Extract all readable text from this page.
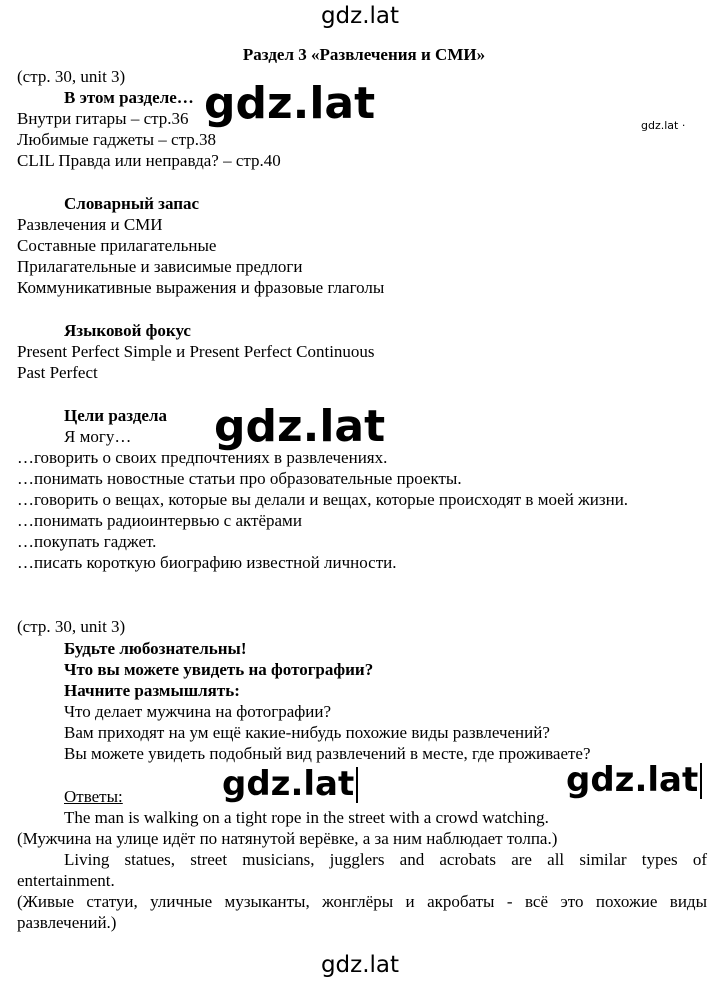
gdz.lat
Раздел 3 «Развлечения и СМИ»
(стр. 30, unit 3)
В этом разделе…
Внутри гитары – стр.36
Любимые гаджеты – стр.38
CLIL Правда или неправда? – стр.40
Словарный запас
Развлечения и СМИ
Составные прилагательные
Прилагательные и зависимые предлоги
Коммуникативные выражения и фразовые глаголы
Языковой фокус
Present Perfect Simple и Present Perfect Continuous
Past Perfect
Цели раздела
Я могу…
…говорить о своих предпочтениях в развлечениях.
…понимать новостные статьи про образовательные проекты.
…говорить о вещах, которые вы делали и вещах, которые происходят в моей жизни.
…понимать радиоинтервью с актёрами
…покупать гаджет.
…писать короткую биографию известной личности.
(стр. 30, unit 3)
Будьте любознательны!
Что вы можете увидеть на фотографии?
Начните размышлять:
Что делает мужчина на фотографии?
Вам приходят на ум ещё какие-нибудь похожие виды развлечений?
Вы можете увидеть подобный вид развлечений в месте, где проживаете?
Ответы:
The man is walking on a tight rope in the street with a crowd watching.
(Мужчина на улице идёт по натянутой верёвке, а за ним наблюдает толпа.)
Living statues, street musicians, jugglers and acrobats are all similar types of
entertainment.
(Живые статуи, уличные музыканты, жонглёры и акробаты - всё это похожие виды
развлечений.)
gdz.lat	gdz.lat ·
gdz.lat
gdz.lat	gdz.lat
gdz.lat
